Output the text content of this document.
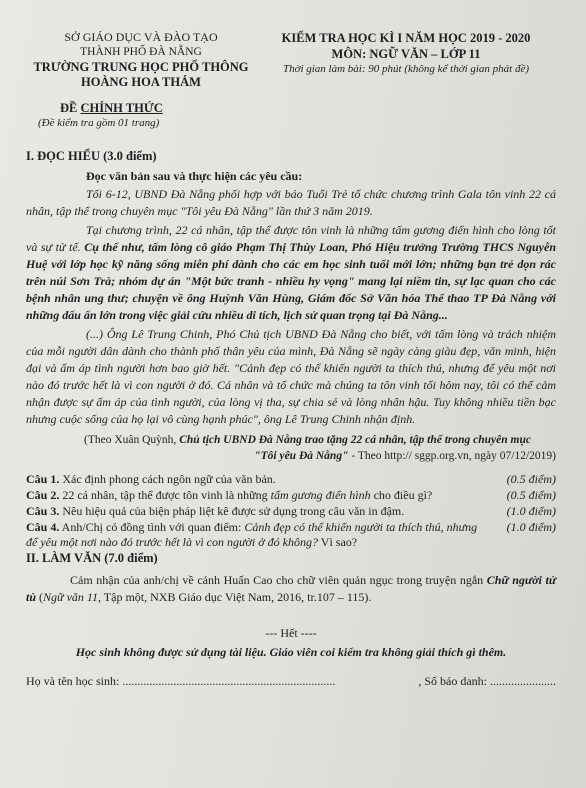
SỞ GIÁO DỤC VÀ ĐÀO TẠO
THÀNH PHỐ ĐÀ NẴNG
TRƯỜNG TRUNG HỌC PHỔ THÔNG
HOÀNG HOA THÁM
KIỂM TRA HỌC KÌ I NĂM HỌC 2019 - 2020
MÔN: NGỮ VĂN – LỚP 11
Thời gian làm bài: 90 phút (không kể thời gian phát đề)
ĐỀ CHÍNH THỨC
(Đề kiểm tra gồm 01 trang)
I. ĐỌC HIỂU (3.0 điểm)
Đọc văn bản sau và thực hiện các yêu cầu:

Tối 6-12, UBND Đà Nẵng phối hợp với báo Tuổi Trẻ tổ chức chương trình Gala tôn vinh 22 cá nhân, tập thể trong chuyên mục "Tôi yêu Đà Nẵng" lần thứ 3 năm 2019.

Tại chương trình, 22 cá nhân, tập thể được tôn vinh là những tấm gương điển hình cho lòng tốt và sự tử tế. Cụ thể như, tấm lòng cô giáo Phạm Thị Thùy Loan, Phó Hiệu trưởng Trường THCS Nguyễn Huệ với lớp học kỹ năng sống miễn phí dành cho các em học sinh tuổi mới lớn; những bạn trẻ dọn rác trên núi Sơn Trà; nhóm dự án "Một bức tranh - nhiều hy vọng" mang lại niềm tin, sự lạc quan cho các bệnh nhân ung thư; chuyện về ông Huỳnh Văn Hùng, Giám đốc Sở Văn hóa Thể thao TP Đà Nẵng với những dấu ấn lớn trong việc giải cứu nhiều di tích, lịch sử quan trọng tại Đà Nẵng...

(...) Ông Lê Trung Chinh, Phó Chủ tịch UBND Đà Nẵng cho biết, với tấm lòng và trách nhiệm của mỗi người dân dành cho thành phố thân yêu của mình, Đà Nẵng sẽ ngày càng giàu đẹp, văn minh, hiện đại và ấm áp tình người hơn bao giờ hết. "Cảnh đẹp có thể khiến người ta thích thú, nhưng để yêu một nơi nào đó trước hết là vì con người ở đó. Cá nhân và tổ chức mà chúng ta tôn vinh tối hôm nay, tôi có thể cảm nhận được sự ấm áp của tình người, của lòng vị tha, sự chia sẻ và lòng nhân hậu. Tuy không nhiều tiền bạc nhưng cuộc sống của họ lại vô cùng hạnh phúc", ông Lê Trung Chinh nhận định.

(Theo Xuân Quỳnh, Chủ tịch UBND Đà Nẵng trao tặng 22 cá nhân, tập thể trong chuyên mục
"Tôi yêu Đà Nẵng" - Theo http:// sggp.org.vn, ngày 07/12/2019)
Câu 1. Xác định phong cách ngôn ngữ của văn bản.	(0.5 điểm)
Câu 2. 22 cá nhân, tập thể được tôn vinh là những tấm gương điển hình cho điều gì?	(0.5 điểm)
Câu 3. Nêu hiệu quả của biện pháp liệt kê được sử dụng trong câu văn in đậm.	(1.0 điểm)
Câu 4. Anh/Chị có đồng tình với quan điểm: Cảnh đẹp có thể khiến người ta thích thú, nhưng để yêu một nơi nào đó trước hết là vì con người ở đó không? Vì sao?
(1.0 điểm)
II. LÀM VĂN (7.0 điểm)

Cảm nhận của anh/chị về cảnh Huấn Cao cho chữ viên quản ngục trong truyện ngắn Chữ người tử tù (Ngữ văn 11, Tập một, NXB Giáo dục Việt Nam, 2016, tr.107 – 115).

--- Hết ----
Học sinh không được sử dụng tài liệu. Giáo viên coi kiểm tra không giải thích gì thêm.
Họ và tên học sinh: .......................................................................	, Số báo danh: ......................
